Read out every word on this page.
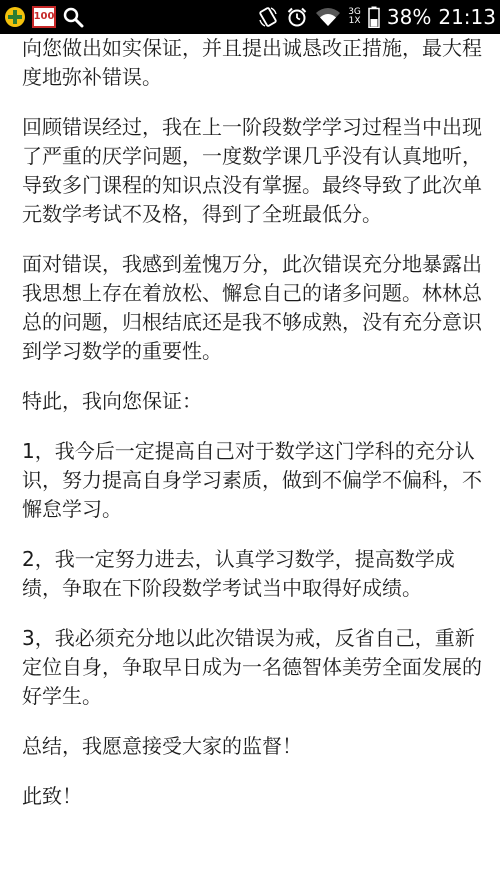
100	3G
1X 38% 21:13

向您做出如实保证，并且提出诚恳改正措施，最大程度地弥补错误。

回顾错误经过，我在上一阶段数学学习过程当中出现了严重的厌学问题，一度数学课几乎没有认真地听，导致多门课程的知识点没有掌握。最终导致了此次单元数学考试不及格，得到了全班最低分。

面对错误，我感到羞愧万分，此次错误充分地暴露出我思想上存在着放松、懈怠自己的诸多问题。林林总总的问题，归根结底还是我不够成熟，没有充分意识到学习数学的重要性。

特此，我向您保证：

1，我今后一定提高自己对于数学这门学科的充分认识，努力提高自身学习素质，做到不偏学不偏科，不懈怠学习。

2，我一定努力进去，认真学习数学，提高数学成绩，争取在下阶段数学考试当中取得好成绩。

3，我必须充分地以此次错误为戒，反省自己，重新定位自身，争取早日成为一名德智体美劳全面发展的好学生。

总结，我愿意接受大家的监督！

此致！
